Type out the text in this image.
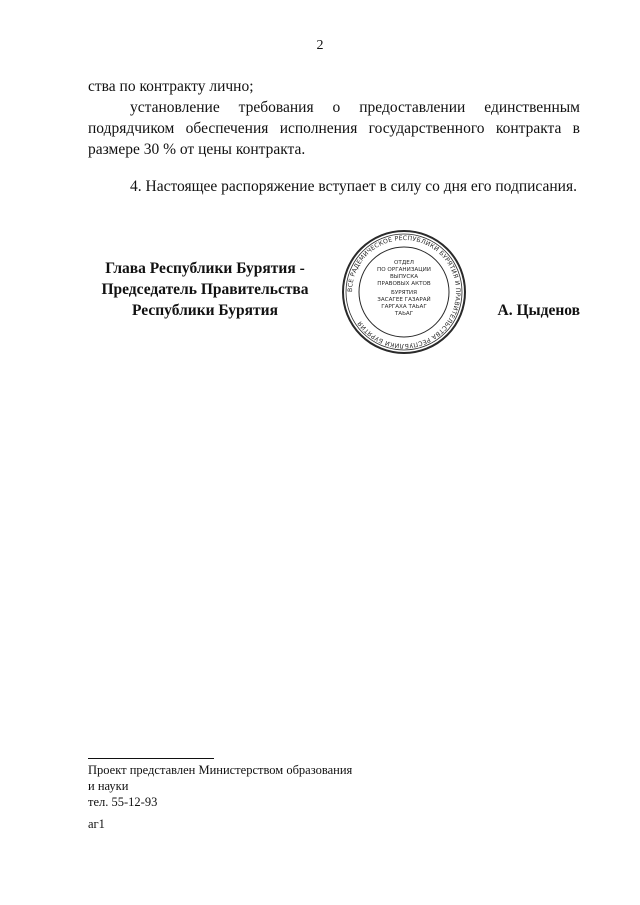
2

ства по контракту лично;

установление требования о предоставлении единственным подрядчиком обеспечения исполнения государственного контракта в размере 30 % от цены контракта.

4. Настоящее распоряжение вступает в силу со дня его подписания.

Глава Республики Бурятия -
Председатель Правительства
Республики Бурятия
ВСЕ РАДЕМИЧЕСКОЕ РЕСПУБЛИКИ БУРЯТИЯ И ПРАВИТЕЛЬСТВА РЕСПУБЛИКИ БУРЯТИЯ
ОТДЕЛ
ПО ОРГАНИЗАЦИИ
ВЫПУСКА
ПРАВОВЫХ АКТОВ
БУРЯТИЯ
ЗАСАГЕЕ ГАЗАРАЙ
ГАРГАХА ТАЬАГ
ТАЬАГ	А. Цыденов
Проект представлен Министерством образования
и науки
тел. 55-12-93
аг1
